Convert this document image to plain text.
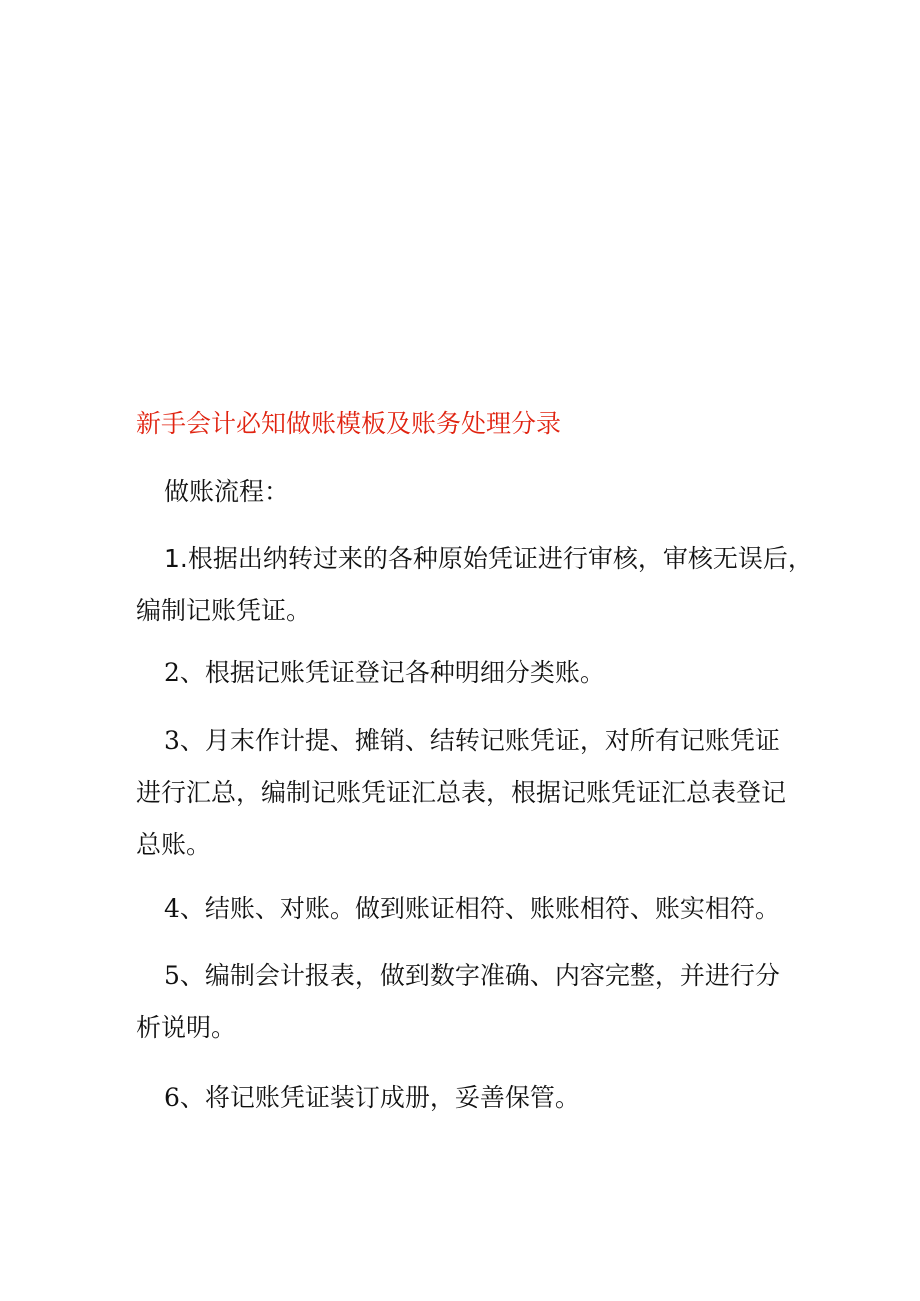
新手会计必知做账模板及账务处理分录
做账流程：
1.根据出纳转过来的各种原始凭证进行审核，审核无误后，
编制记账凭证。
2、根据记账凭证登记各种明细分类账。
3、月末作计提、摊销、结转记账凭证，对所有记账凭证
进行汇总，编制记账凭证汇总表，根据记账凭证汇总表登记
总账。
4、结账、对账。做到账证相符、账账相符、账实相符。
5、编制会计报表，做到数字准确、内容完整，并进行分
析说明。
6、将记账凭证装订成册，妥善保管。
